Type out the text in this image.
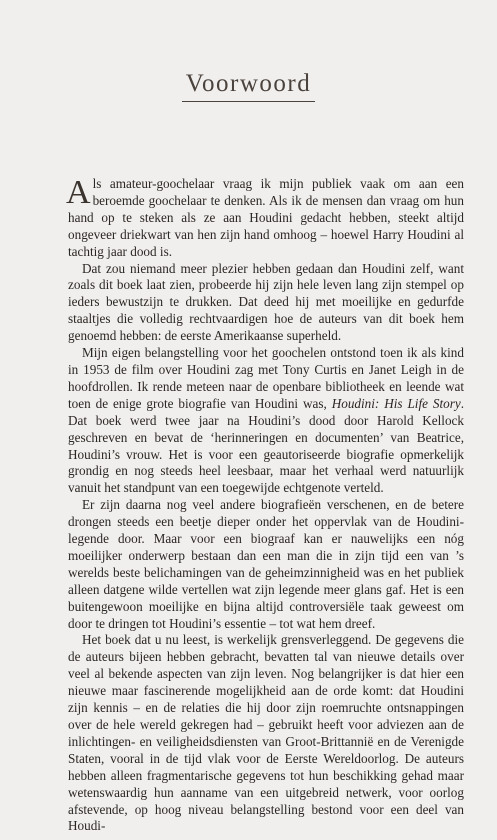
Voorwoord

Als amateur-goochelaar vraag ik mijn publiek vaak om aan een beroemde goochelaar te denken. Als ik de mensen dan vraag om hun hand op te steken als ze aan Houdini gedacht hebben, steekt altijd ongeveer driekwart van hen zijn hand omhoog – hoewel Harry Houdini al tachtig jaar dood is.

Dat zou niemand meer plezier hebben gedaan dan Houdini zelf, want zoals dit boek laat zien, probeerde hij zijn hele leven lang zijn stempel op ieders bewustzijn te drukken. Dat deed hij met moeilijke en gedurfde staaltjes die volledig rechtvaardigen hoe de auteurs van dit boek hem genoemd hebben: de eerste Amerikaanse superheld.

Mijn eigen belangstelling voor het goochelen ontstond toen ik als kind in 1953 de film over Houdini zag met Tony Curtis en Janet Leigh in de hoofdrollen. Ik rende meteen naar de openbare bibliotheek en leende wat toen de enige grote biografie van Houdini was, Houdini: His Life Story. Dat boek werd twee jaar na Houdini’s dood door Harold Kellock geschreven en bevat de ‘herinneringen en documenten’ van Beatrice, Houdini’s vrouw. Het is voor een geautoriseerde biografie opmerkelijk grondig en nog steeds heel leesbaar, maar het verhaal werd natuurlijk vanuit het standpunt van een toegewijde echtgenote verteld.

Er zijn daarna nog veel andere biografieën verschenen, en de betere drongen steeds een beetje dieper onder het oppervlak van de Houdini-legende door. Maar voor een biograaf kan er nauwelijks een nóg moeilijker onderwerp bestaan dan een man die in zijn tijd een van ’s werelds beste belichamingen van de geheimzinnigheid was en het publiek alleen datgene wilde vertellen wat zijn legende meer glans gaf. Het is een buitengewoon moeilijke en bijna altijd controversiële taak geweest om door te dringen tot Houdini’s essentie – tot wat hem dreef.

Het boek dat u nu leest, is werkelijk grensverleggend. De gegevens die de auteurs bijeen hebben gebracht, bevatten tal van nieuwe details over veel al bekende aspecten van zijn leven. Nog belangrijker is dat hier een nieuwe maar fascinerende mogelijkheid aan de orde komt: dat Houdini zijn kennis – en de relaties die hij door zijn roemruchte ontsnappingen over de hele wereld gekregen had – gebruikt heeft voor adviezen aan de inlichtingen- en veiligheidsdiensten van Groot-Brittannië en de Verenigde Staten, vooral in de tijd vlak voor de Eerste Wereldoorlog. De auteurs hebben alleen fragmentarische gegevens tot hun beschikking gehad maar wetenswaardig hun aanname van een uitgebreid netwerk, voor oorlog afstevende, op hoog niveau belangstelling bestond voor een deel van Houdi-
